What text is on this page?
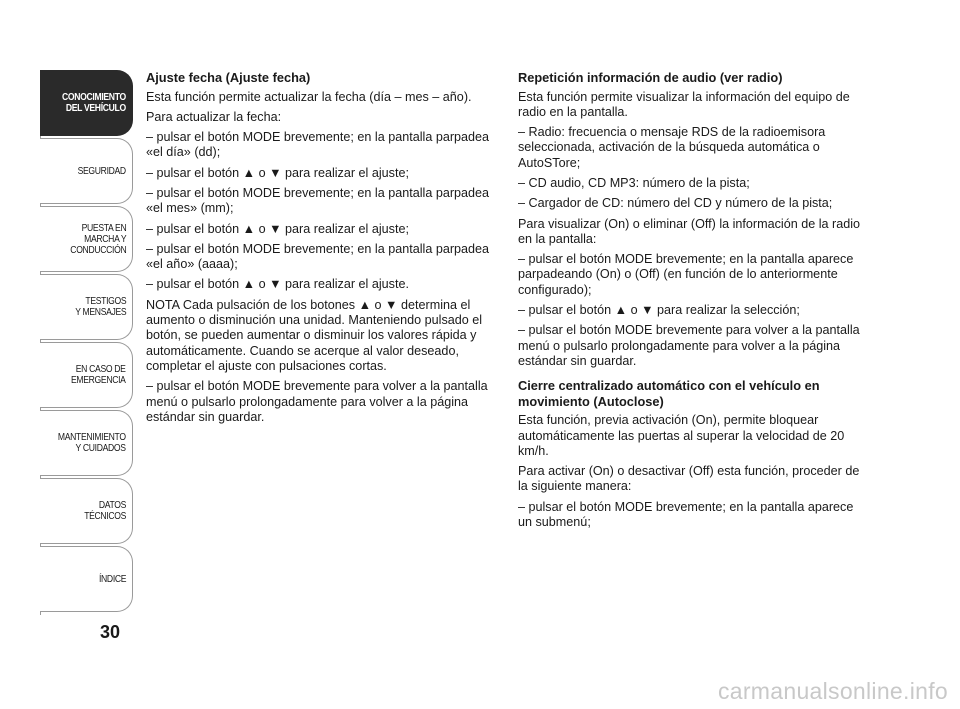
CONOCIMIENTO
DEL VEHÍCULO
SEGURIDAD
PUESTA EN
MARCHA Y
CONDUCCIÓN
TESTIGOS
Y MENSAJES
EN CASO DE
EMERGENCIA
MANTENIMIENTO
Y CUIDADOS
DATOS
TÉCNICOS
ÍNDICE
30
Ajuste fecha (Ajuste fecha)

Esta función permite actualizar la fecha (día – mes – año).

Para actualizar la fecha:

– pulsar el botón MODE brevemente; en la pantalla parpadea «el día» (dd);

– pulsar el botón ▲ o ▼ para realizar el ajuste;

– pulsar el botón MODE brevemente; en la pantalla parpadea «el mes» (mm);

– pulsar el botón ▲ o ▼ para realizar el ajuste;

– pulsar el botón MODE brevemente; en la pantalla parpadea «el año» (aaaa);

– pulsar el botón ▲ o ▼ para realizar el ajuste.

NOTA Cada pulsación de los botones ▲ o ▼ determina el aumento o disminución una unidad. Manteniendo pulsado el botón, se pueden aumentar o disminuir los valores rápida y automáticamente. Cuando se acerque al valor deseado, completar el ajuste con pulsaciones cortas.

– pulsar el botón MODE brevemente para volver a la pantalla menú o pulsarlo prolongadamente para volver a la página estándar sin guardar.

Repetición información de audio (ver radio)

Esta función permite visualizar la información del equipo de radio en la pantalla.

– Radio: frecuencia o mensaje RDS de la radioemisora seleccionada, activación de la búsqueda automática o AutoSTore;

– CD audio, CD MP3: número de la pista;

– Cargador de CD: número del CD y número de la pista;

Para visualizar (On) o eliminar (Off) la información de la radio en la pantalla:

– pulsar el botón MODE brevemente; en la pantalla aparece parpadeando (On) o (Off) (en función de lo anteriormente configurado);

– pulsar el botón ▲ o ▼ para realizar la selección;

– pulsar el botón MODE brevemente para volver a la pantalla menú o pulsarlo prolongadamente para volver a la página estándar sin guardar.

Cierre centralizado automático con el vehículo en movimiento (Autoclose)

Esta función, previa activación (On), permite bloquear automáticamente las puertas al superar la velocidad de 20 km/h.

Para activar (On) o desactivar (Off) esta función, proceder de la siguiente manera:

– pulsar el botón MODE brevemente; en la pantalla aparece un submenú;

carmanualsonline.info
